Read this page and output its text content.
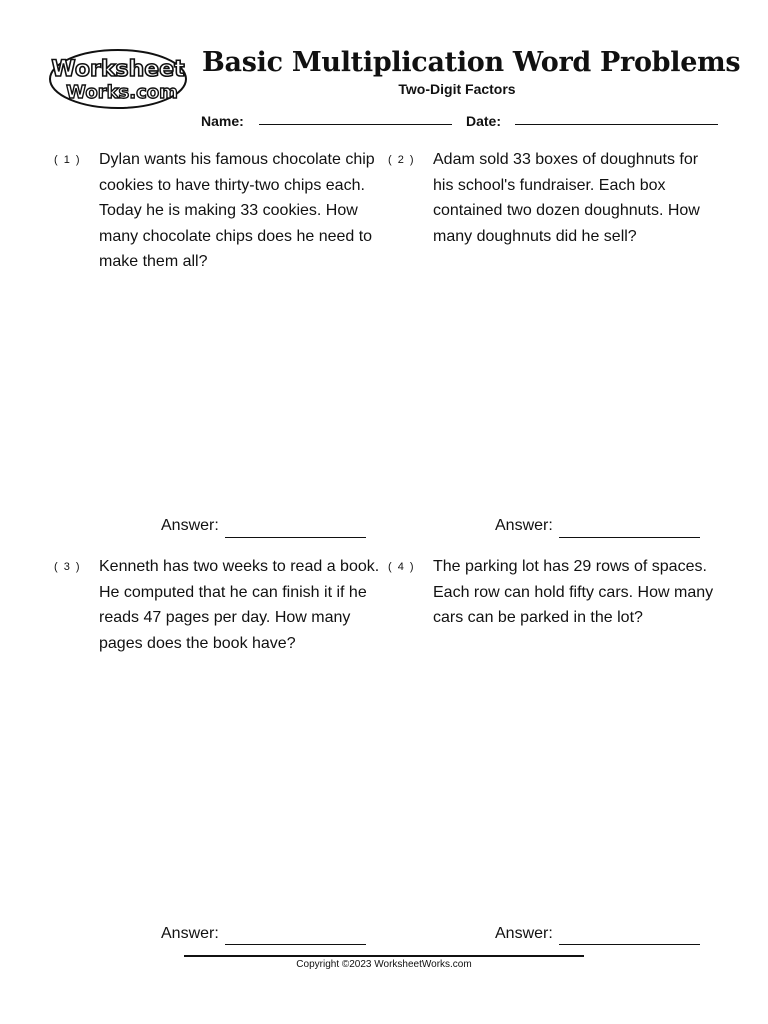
Worksheet
Works.com
Basic Multiplication Word Problems
Two-Digit Factors
Name:	Date:
( 1 ) Dylan wants his famous chocolate chip cookies to have thirty-two chips each. Today he is making 33 cookies. How many chocolate chips does he need to make them all?
Answer:
( 2 ) Adam sold 33 boxes of doughnuts for his school's fundraiser. Each box contained two dozen doughnuts. How many doughnuts did he sell?
Answer:
( 3 ) Kenneth has two weeks to read a book. He computed that he can finish it if he reads 47 pages per day. How many pages does the book have?
Answer:
( 4 ) The parking lot has 29 rows of spaces. Each row can hold fifty cars. How many cars can be parked in the lot?
Answer:
Copyright ©2023 WorksheetWorks.com
